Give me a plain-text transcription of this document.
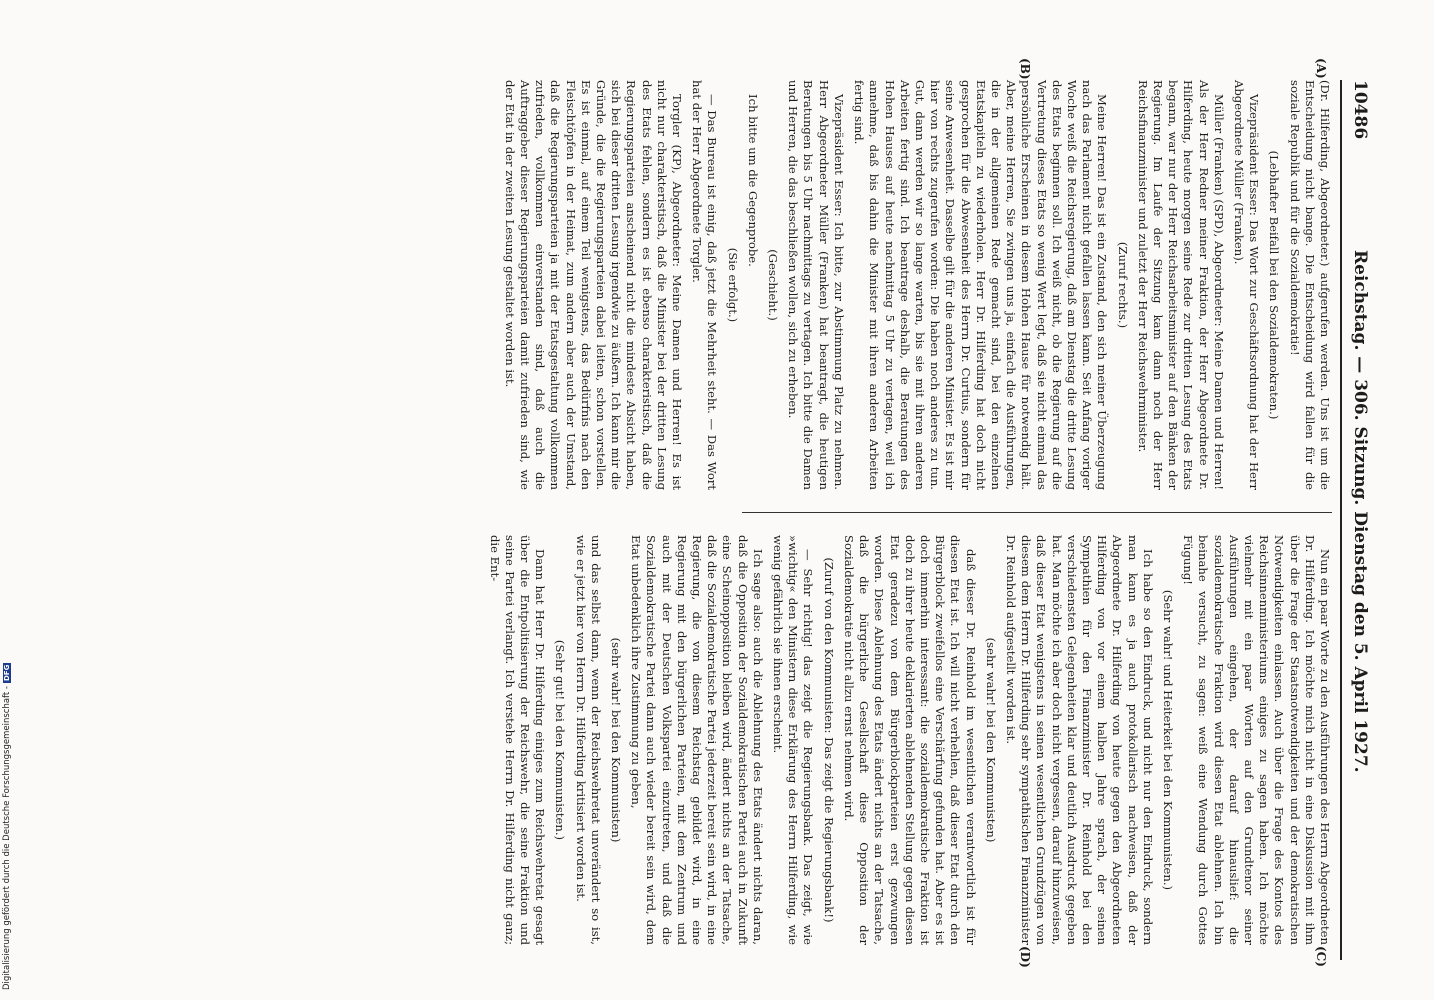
10486
Reichstag. — 306. Sitzung. Dienstag den 5. April 1927.

(Dr. Hilferding, Abgeordneter.) aufgerufen werden. Uns ist um die Entscheidung nicht bange. Die Entscheidung wird fallen für die soziale Republik und für die Sozialdemokratie!

(Lebhafter Beifall bei den Sozialdemokraten.)

Vizepräsident Esser: Das Wort zur Geschäftsordnung hat der Herr Abgeordnete Müller (Franken).

Müller (Franken) (SPD), Abgeordneter: Meine Damen und Herren! Als der Herr Redner meiner Fraktion, der Herr Abgeordnete Dr. Hilferding, heute morgen seine Rede zur dritten Lesung des Etats begann, war nur der Herr Reichsarbeitsminister auf den Bänken der Regierung. Im Laufe der Sitzung kam dann noch der Herr Reichsfinanzminister und zuletzt der Herr Reichswehrminister.

(Zuruf rechts.)

Meine Herren! Das ist ein Zustand, den sich meiner Überzeugung nach das Parlament nicht gefallen lassen kann. Seit Anfang voriger Woche weiß die Reichsregierung, daß am Dienstag die dritte Lesung des Etats beginnen soll. Ich weiß nicht, ob die Regierung auf die Vertretung dieses Etats so wenig Wert legt, daß sie nicht einmal das persönliche Erscheinen in diesem Hohen Hause für notwendig hält. Aber, meine Herren, Sie zwingen uns ja, einfach die Ausführungen, die in der allgemeinen Rede gemacht sind, bei den einzelnen Etatskapiteln zu wiederholen. Herr Dr. Hilferding hat doch nicht gesprochen für die Abwesenheit des Herrn Dr. Curtius, sondern für seine Anwesenheit. Dasselbe gilt für die anderen Minister. Es ist mir hier von rechts zugerufen worden: Die haben noch anderes zu tun. Gut, dann werden wir so lange warten, bis sie mit ihren anderen Arbeiten fertig sind. Ich beantrage deshalb, die Beratungen des Hohen Hauses auf heute nachmittag 5 Uhr zu vertagen, weil ich annehme, daß bis dahin die Minister mit ihren anderen Arbeiten fertig sind.

Vizepräsident Esser: Ich bitte, zur Abstimmung Platz zu nehmen. Herr Abgeordneter Müller (Franken) hat beantragt, die heutigen Beratungen bis 5 Uhr nachmittags zu vertagen. Ich bitte die Damen und Herren, die das beschließen wollen, sich zu erheben.

(Geschieht.)

Ich bitte um die Gegenprobe.

(Sie erfolgt.)

— Das Bureau ist einig, daß jetzt die Mehrheit steht. — Das Wort hat der Herr Abgeordnete Torgler.

Torgler (KP), Abgeordneter: Meine Damen und Herren! Es ist nicht nur charakteristisch, daß die Minister bei der dritten Lesung des Etats fehlen, sondern es ist ebenso charakteristisch, daß die Regierungsparteien anscheinend nicht die mindeste Absicht haben, sich bei dieser dritten Lesung irgendwie zu äußern. Ich kann mir die Gründe, die die Regierungsparteien dabei leiten, schon vorstellen. Es ist einmal, auf einem Teil wenigstens, das Bedürfnis nach den Fleischtöpfen in der Heimat, zum andern aber auch der Umstand, daß die Regierungsparteien ja mit der Etatsgestaltung vollkommen zufrieden, vollkommen einverstanden sind, daß auch die Auftraggeber dieser Regierungsparteien damit zufrieden sind, wie der Etat in der zweiten Lesung gestaltet worden ist.

Nun ein paar Worte zu den Ausführungen des Herrn Abgeordneten Dr. Hilferding. Ich möchte mich nicht in eine Diskussion mit ihm über die Frage der Staatsnotwendigkeiten und der demokratischen Notwendigkeiten einlassen. Auch über die Frage des Kontos des Reichsinnenministeriums einiges zu sagen haben. Ich möchte vielmehr mit ein paar Worten auf den Grundtenor seiner Ausführungen eingehen, der darauf hinauslief: die sozialdemokratische Fraktion wird diesen Etat ablehnen. Ich bin beinahe versucht, zu sagen: weiß eine Wendung durch Gottes Fügung!

(Sehr wahr! und Heiterkeit bei den Kommunisten.)

Ich habe so den Eindruck, und nicht nur den Eindruck, sondern man kann es ja auch protokollarisch nachweisen, daß der Abgeordnete Dr. Hilferding von heute gegen den Abgeordneten Hilferding von vor einem halben Jahre sprach, der seinen Sympathien für den Finanzminister Dr. Reinhold bei den verschiedensten Gelegenheiten klar und deutlich Ausdruck gegeben hat. Man möchte ich aber doch nicht vergessen, darauf hinzuweisen, daß dieser Etat wenigstens in seinen wesentlichen Grundzügen von diesem dem Herrn Dr. Hilferding sehr sympathischen Finanzminister Dr. Reinhold aufgestellt worden ist.

(sehr wahr! bei den Kommunisten)

daß dieser Dr. Reinhold im wesentlichen verantwortlich ist für diesen Etat ist. Ich will nicht verhehlen, daß dieser Etat durch den Bürgerblock zweifellos eine Verschärfung gefunden hat. Aber es ist doch immerhin interessant: die sozialdemokratische Fraktion ist doch zu ihrer heute deklarierten ablehnenden Stellung gegen diesen Etat geradezu von dem Bürgerblockparteien erst gezwungen worden. Diese Ablehnung des Etats ändert nichts an der Tatsache, daß die bürgerliche Gesellschaft diese Opposition der Sozialdemokratie nicht allzu ernst nehmen wird.

(Zuruf von den Kommunisten: Das zeigt die Regierungsbank!)

— Sehr richtig! das zeigt die Regierungsbank. Das zeigt, wie »wichtig« den Ministern diese Erklärung des Herrn Hilferding, wie wenig gefährlich sie ihnen erscheint.

Ich sage also: auch die Ablehnung des Etats ändert nichts daran, daß die Opposition der Sozialdemokratischen Partei auch in Zukunft eine Scheinopposition bleiben wird, ändert nichts an der Tatsache, daß die Sozialdemokratische Partei jederzeit bereit sein wird, in eine Regierung, die von diesem Reichstag gebildet wird, in eine Regierung mit den bürgerlichen Parteien, mit dem Zentrum und auch mit der Deutschen Volkspartei einzutreten, und daß die Sozialdemokratische Partei dann auch wieder bereit sein wird, dem Etat unbedenklich ihre Zustimmung zu geben,

(sehr wahr! bei den Kommunisten)

und das selbst dann, wenn der Reichswehretat unverändert so ist, wie er jetzt hier von Herrn Dr. Hilferding kritisiert worden ist.

(Sehr gut! bei den Kommunisten.)

Dann hat Herr Dr. Hilferding einiges zum Reichswehretat gesagt über die Entpolitisierung der Reichswehr, die seine Fraktion und seine Partei verlangt. Ich verstehe Herrn Dr. Hilferding nicht ganz; die Ent-

(A)
(B)
(C)
(D)
Digitalisierung gefördert durch die Deutsche Forschungsgemeinschaft -DFG
